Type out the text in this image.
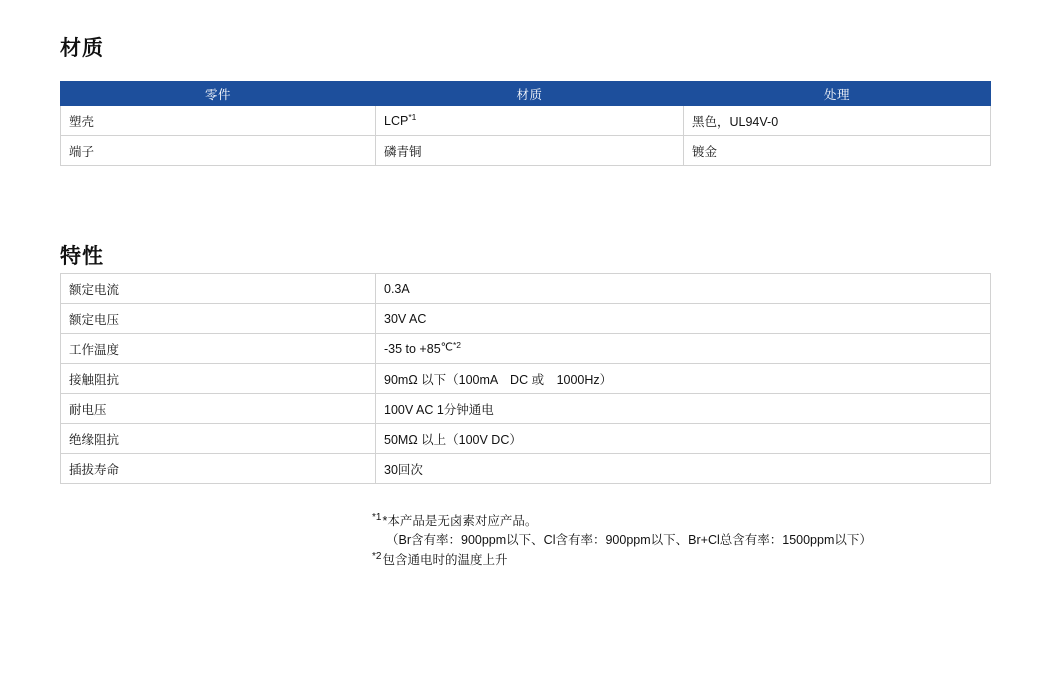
材质
零件	材质	处理
塑壳	LCP$^{*1}$	黑色，UL94V-0
端子	磷青铜	镀金
特性
额定电流	0.3A
额定电压	30V AC
工作温度	-35 to +85℃$^{*2}$
接触阻抗	90mΩ 以下（100mA　DC 或　1000Hz）
耐电压	100V AC 1分钟通电
绝缘阻抗	50MΩ 以上（100V DC）
插拔寿命	30回次
$^{*1}$*本产品是无卤素对应产品。
（Br含有率：900ppm以下、Cl含有率：900ppm以下、Br+Cl总含有率：1500ppm以下）
$^{*2}$包含通电时的温度上升
